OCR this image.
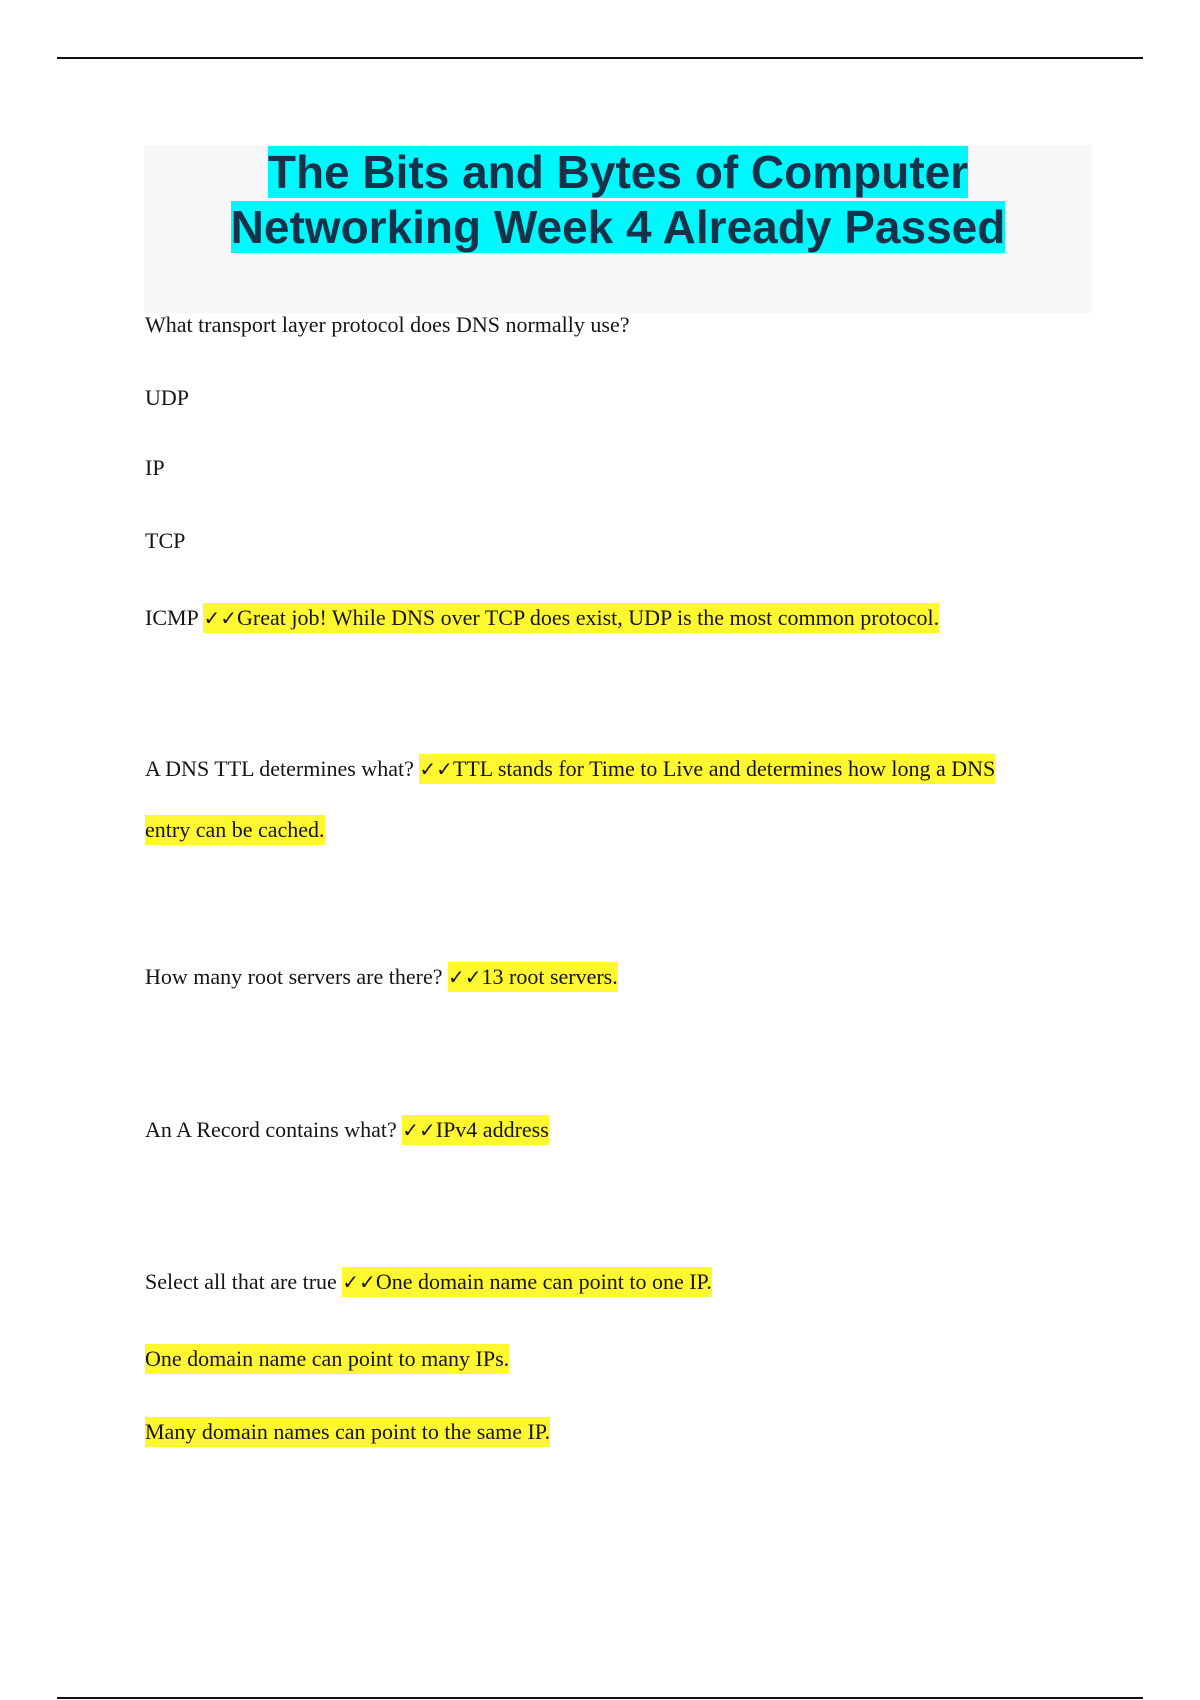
The Bits and Bytes of Computer
Networking Week 4 Already Passed

What transport layer protocol does DNS normally use?

UDP

IP

TCP

ICMP ✓✓Great job! While DNS over TCP does exist, UDP is the most common protocol.

A DNS TTL determines what? ✓✓TTL stands for Time to Live and determines how long a DNS

entry can be cached.

How many root servers are there? ✓✓13 root servers.

An A Record contains what? ✓✓IPv4 address

Select all that are true ✓✓One domain name can point to one IP.

One domain name can point to many IPs.

Many domain names can point to the same IP.
